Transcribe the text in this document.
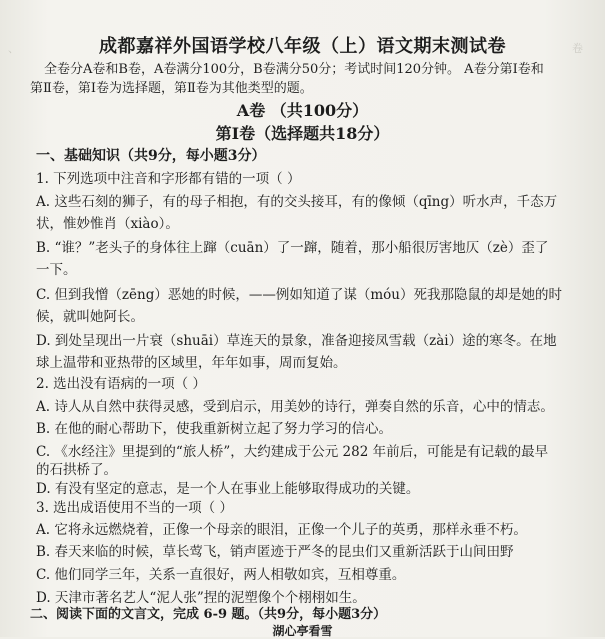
、	卷
成都嘉祥外国语学校八年级（上）语文期末测试卷
全卷分A卷和B卷，A卷满分100分，B卷满分50分；考试时间120分钟。 A卷分第Ⅰ卷和
第Ⅱ卷，第Ⅰ卷为选择题，第Ⅱ卷为其他类型的题。
A卷 （共100分）
第Ⅰ卷（选择题共18分）
一、基础知识（共9分，每小题3分）
1. 下列选项中注音和字形都有错的一项（ ）
A. 这些石刻的狮子，有的母子相抱，有的交头接耳，有的像倾（qīng）听水声，千态万
状，惟妙惟肖（xiào）。
B. “谁？”老头子的身体往上蹿（cuān）了一蹿，随着，那小船很厉害地仄（zè）歪了
一下。
C. 但到我憎（zēng）恶她的时候，——例如知道了谋（móu）死我那隐鼠的却是她的时
候，就叫她阿长。
D. 到处呈现出一片衰（shuāi）草连天的景象，准备迎接凤雪载（zài）途的寒冬。在地
球上温带和亚热带的区域里，年年如事，周而复始。
2. 选出没有语病的一项（ ）
A. 诗人从自然中获得灵感，受到启示，用美妙的诗行，弹奏自然的乐音，心中的情志。
B. 在他的耐心帮助下，使我重新树立起了努力学习的信心。
C. 《水经注》里提到的“旅人桥”，大约建成于公元 282 年前后，可能是有记载的最早
的石拱桥了。
D. 有没有坚定的意志，是一个人在事业上能够取得成功的关键。
3. 选出成语使用不当的一项（ ）
A. 它将永远燃烧着，正像一个母亲的眼泪，正像一个儿子的英勇，那样永垂不朽。
B. 春天来临的时候，草长莺飞，销声匿迹于严冬的昆虫们又重新活跃于山间田野
C. 他们同学三年，关系一直很好，两人相敬如宾，互相尊重。
D. 天津市著名艺人“泥人张”捏的泥塑像个个栩栩如生。
二、阅读下面的文言文，完成 6-9 题。（共9分，每小题3分）
湖心亭看雪
